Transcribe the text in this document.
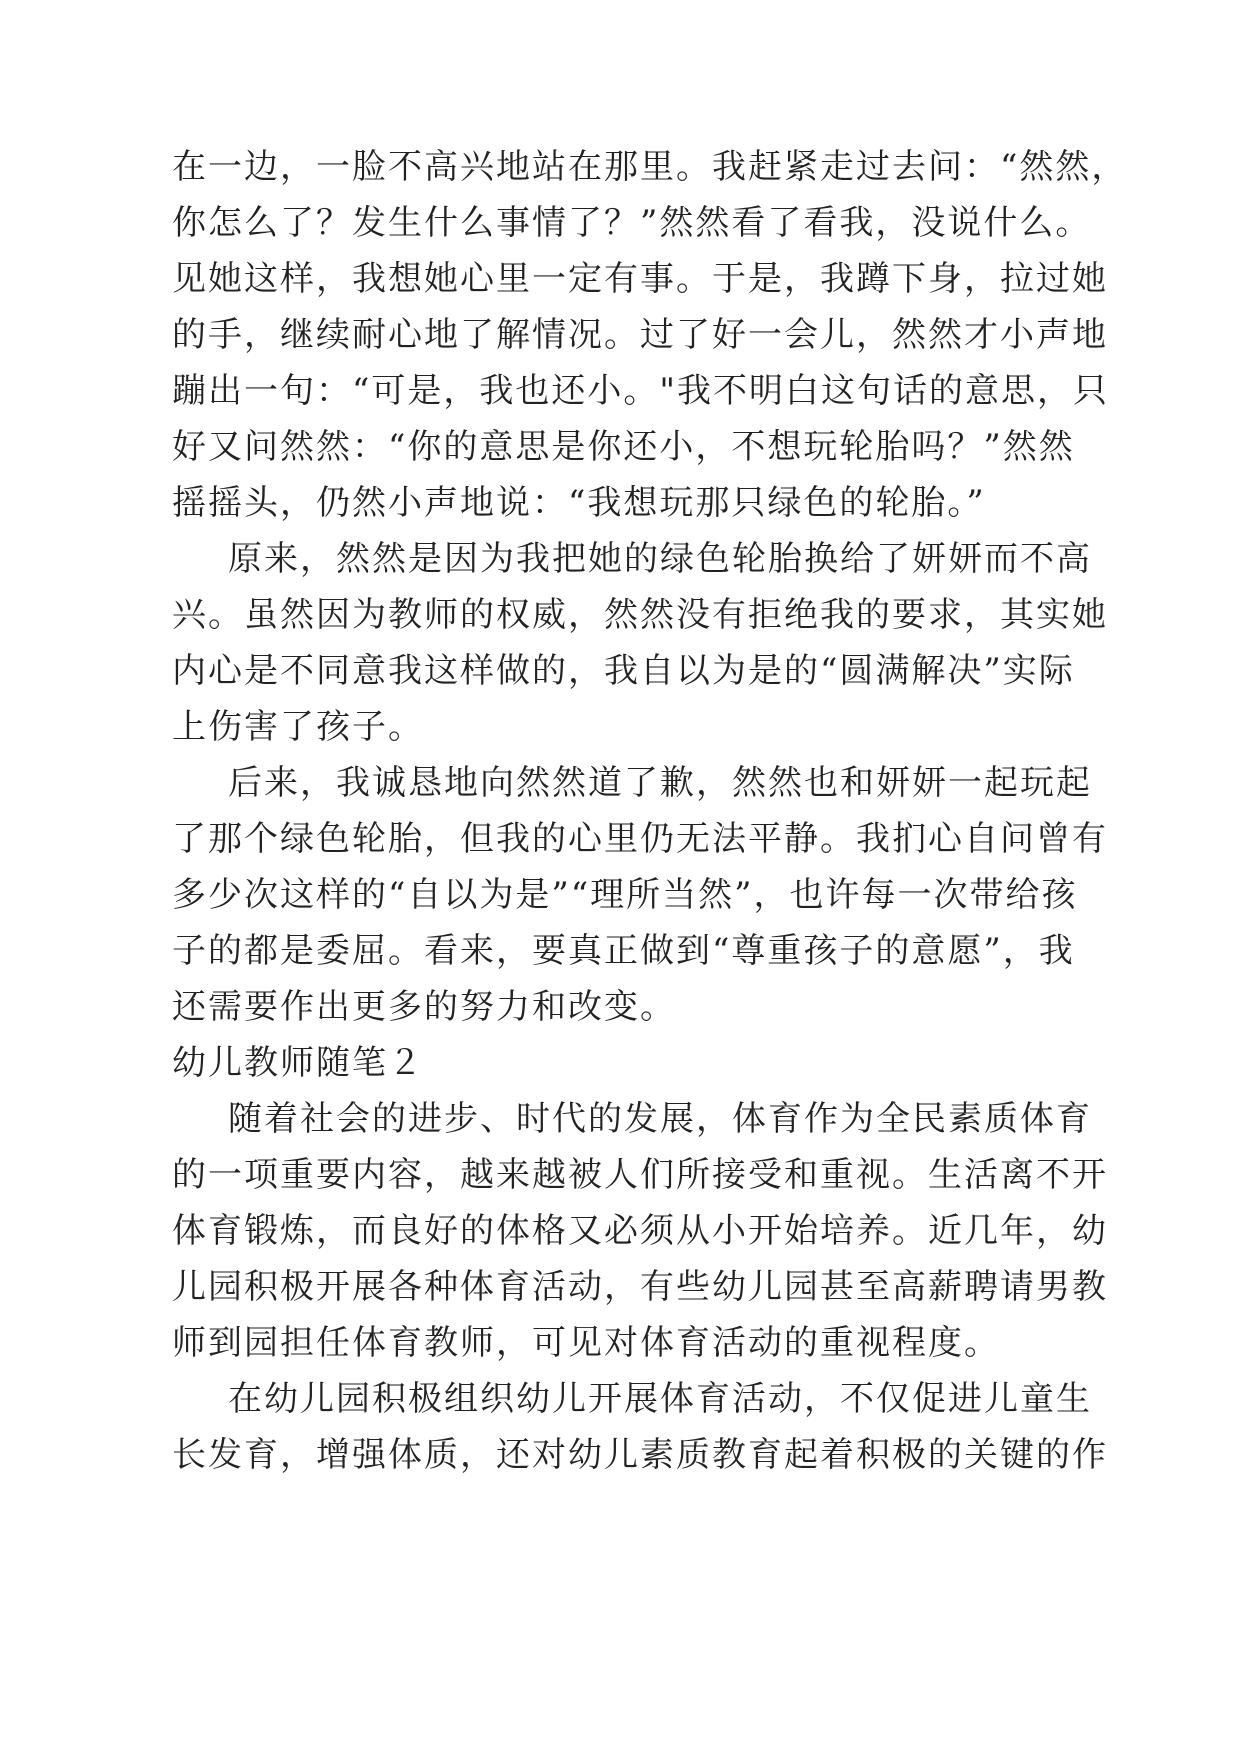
在一边，一脸不高兴地站在那里。我赶紧走过去问：“然然，
你怎么了？发生什么事情了？”然然看了看我，没说什么。
见她这样，我想她心里一定有事。于是，我蹲下身，拉过她
的手，继续耐心地了解情况。过了好一会儿，然然才小声地
蹦出一句：“可是，我也还小。"我不明白这句话的意思，只
好又问然然：“你的意思是你还小，不想玩轮胎吗？”然然
摇摇头，仍然小声地说：“我想玩那只绿色的轮胎。”
原来，然然是因为我把她的绿色轮胎换给了妍妍而不高
兴。虽然因为教师的权威，然然没有拒绝我的要求，其实她
内心是不同意我这样做的，我自以为是的“圆满解决”实际
上伤害了孩子。
后来，我诚恳地向然然道了歉，然然也和妍妍一起玩起
了那个绿色轮胎，但我的心里仍无法平静。我扪心自问曾有
多少次这样的“自以为是”“理所当然”，也许每一次带给孩
子的都是委屈。看来，要真正做到“尊重孩子的意愿”，我
还需要作出更多的努力和改变。
幼儿教师随笔２
随着社会的进步、时代的发展，体育作为全民素质体育
的一项重要内容，越来越被人们所接受和重视。生活离不开
体育锻炼，而良好的体格又必须从小开始培养。近几年，幼
儿园积极开展各种体育活动，有些幼儿园甚至高薪聘请男教
师到园担任体育教师，可见对体育活动的重视程度。
在幼儿园积极组织幼儿开展体育活动，不仅促进儿童生
长发育，增强体质，还对幼儿素质教育起着积极的关键的作
